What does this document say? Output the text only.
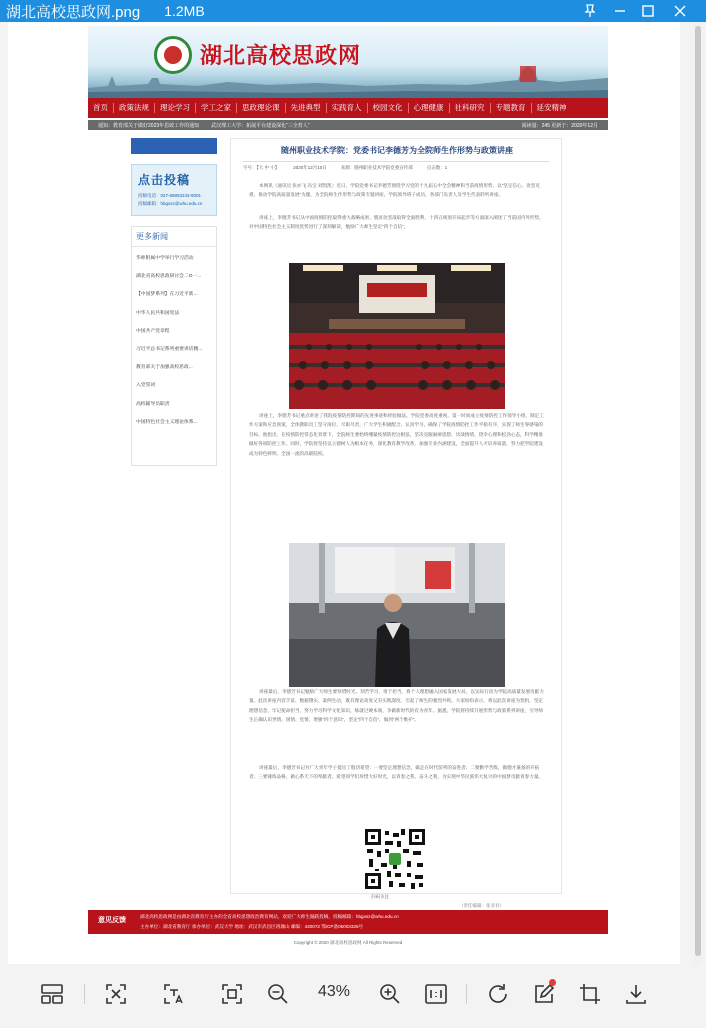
湖北高校思政网.png 1.2MB
湖北高校思政网
首页	政策法规	理论学习	学工之家	思政理论课	先进典型	实践育人	校园文化	心理健康	社科研究	专题教育	延安精神
通知：教育部关于做好2023年思政工作的通知 武汉理工大学：拓展平台建设深化“三全育人”	阅读量：245 更新于：2020年12月
点击投稿
投稿电话：027-68893243-8001
投稿邮箱：hbgxsz@whu.edu.cn
更多新闻
华师附属中学举行学习活动
湖北省高校思政研讨会二O一...
【中国梦系列】在习近平新...
中华人民共和国宪法
中国共产党章程
习近平总书记系列重要讲话精...
教育部关于加强高校思政...
入党誓词
高校辅导员职责
中国特色社会主义理论体系...
随州职业技术学院：党委书记李德芳为全院师生作形势与政策讲座
字号：【大 中 小】	2020年12月10日	来源：随州职业技术学院党委宣传部	点击数：1
本网讯（通讯员 张亦飞 冯宝 刘凯凯）近日，学院党委书记李德芳围绕学习党的十九届五中全会精神和当前疫情形势，以“坚定信心、攻坚克难，推动学院高质量发展”为题，为全院师生作形势与政策专题讲座。学院领导班子成员、各部门负责人及学生代表聆听讲座。
讲座上，李德芳书记从中国疫情防控取得重大战略成果、脱贫攻坚战取得全面胜利、十四五规划开局起步等方面深入阐述了当前国内外形势，对中国特色社会主义制度优势进行了深刻解读，勉励广大师生坚定“四个自信”。
讲座上，李德芳书记重点讲述了我院疫情防控期间的先进事迹和经验做法。学院党委高度重视，第一时间成立疫情防控工作领导小组，制定工作方案和应急预案，全体教职员工坚守岗位、尽职尽责，广大学生积极配合、认真学习，确保了学院疫情防控工作平稳有序，实现了师生零感染的目标。他指出，在疫情防控常态化背景下，全院师生要始终绷紧疫情防控这根弦，坚决克服麻痹思想、厌战情绪、侥幸心理和松劲心态，科学精准做好各项防控工作。同时，学院将坚持以立德树人为根本任务，深化教育教学改革，加强专业内涵建设，全面提升人才培养质量，努力把学院建设成为特色鲜明、全国一流的高职院校。
讲座最后，李德芳书记勉励广大师生要珍惜时光、刻苦学习、勇于担当，将个人理想融入国家发展大局，以实际行动为学院高质量发展贡献力量。此次讲座内容丰富、数据翔实、案例生动，既有理论高度又有实践深度，引起了师生的强烈共鸣。大家纷纷表示，将以此次讲座为契机，坚定理想信念，牢记使命担当，努力学习科学文化知识，练就过硬本领，争做新时代的有为青年。据悉，学院将持续开展形势与政策系列讲座，引导师生正确认识世情、国情、党情，增强“四个意识”，坚定“四个自信”，做到“两个维护”。
讲座最后，李德芳书记对广大青年学子提出了殷切希望：一要坚定理想信念，做走在时代前列的奋进者；二要勤学苦练，做德才兼备的开拓者；三要锤炼品格，做心系天下的奉献者。希望同学们珍惜大好时光，以青春之我，奋斗之我，为实现中华民族伟大复兴的中国梦贡献青春力量。
扫码关注
（责任编辑：张亚君）
意见反馈
湖北高校思政网是由湖北省教育厅主办的全省高校思想政治教育网站，欢迎广大师生踊跃投稿，投稿邮箱：hbgxsz@whu.edu.cn
主办单位：湖北省教育厅 承办单位：武汉大学 地址：武汉市武昌区珞珈山 邮编：430072 鄂ICP备05003325号
Copyright © 2020 湖北高校思政网 All Rights Reserved
43%
